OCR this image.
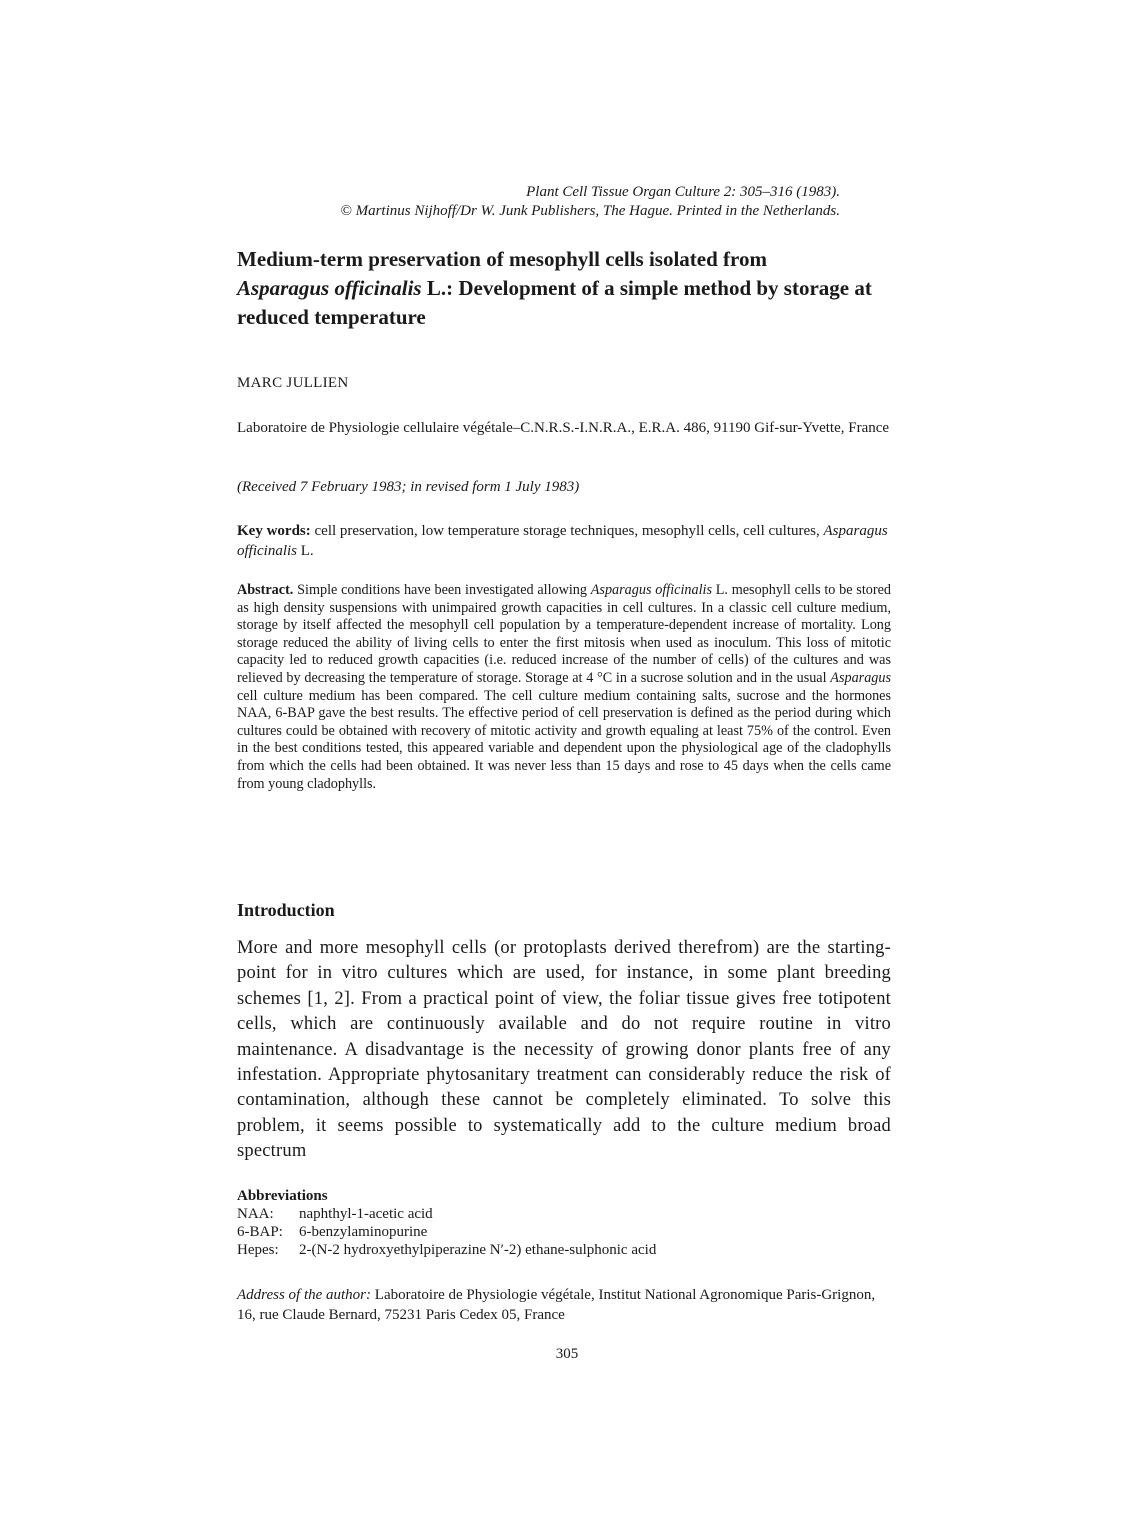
Plant Cell Tissue Organ Culture 2: 305–316 (1983).
© Martinus Nijhoff/Dr W. Junk Publishers, The Hague. Printed in the Netherlands.
Medium-term preservation of mesophyll cells isolated from
Asparagus officinalis L.: Development of a simple method by storage at reduced temperature
MARC JULLIEN
Laboratoire de Physiologie cellulaire végétale–C.N.R.S.-I.N.R.A., E.R.A. 486, 91190 Gif-sur-Yvette, France
(Received 7 February 1983; in revised form 1 July 1983)
Key words: cell preservation, low temperature storage techniques, mesophyll cells, cell cultures, Asparagus officinalis L.
Abstract. Simple conditions have been investigated allowing Asparagus officinalis L. mesophyll cells to be stored as high density suspensions with unimpaired growth capacities in cell cultures. In a classic cell culture medium, storage by itself affected the mesophyll cell population by a temperature-dependent increase of mortality. Long storage reduced the ability of living cells to enter the first mitosis when used as inoculum. This loss of mitotic capacity led to reduced growth capacities (i.e. reduced increase of the number of cells) of the cultures and was relieved by decreasing the temperature of storage. Storage at 4 °C in a sucrose solution and in the usual Asparagus cell culture medium has been compared. The cell culture medium containing salts, sucrose and the hormones NAA, 6-BAP gave the best results. The effective period of cell preservation is defined as the period during which cultures could be obtained with recovery of mitotic activity and growth equaling at least 75% of the control. Even in the best conditions tested, this appeared variable and dependent upon the physiological age of the cladophylls from which the cells had been obtained. It was never less than 15 days and rose to 45 days when the cells came from young cladophylls.
Introduction
More and more mesophyll cells (or protoplasts derived therefrom) are the starting-point for in vitro cultures which are used, for instance, in some plant breeding schemes [1, 2]. From a practical point of view, the foliar tissue gives free totipotent cells, which are continuously available and do not require routine in vitro maintenance. A disadvantage is the necessity of growing donor plants free of any infestation. Appropriate phytosanitary treatment can considerably reduce the risk of contamination, although these cannot be completely eliminated. To solve this problem, it seems possible to systematically add to the culture medium broad spectrum
Abbreviations
NAA:	naphthyl-1-acetic acid
6-BAP:	6-benzylaminopurine
Hepes:	2-(N-2 hydroxyethylpiperazine N′-2) ethane-sulphonic acid
Address of the author: Laboratoire de Physiologie végétale, Institut National Agronomique Paris-Grignon, 16, rue Claude Bernard, 75231 Paris Cedex 05, France
305
